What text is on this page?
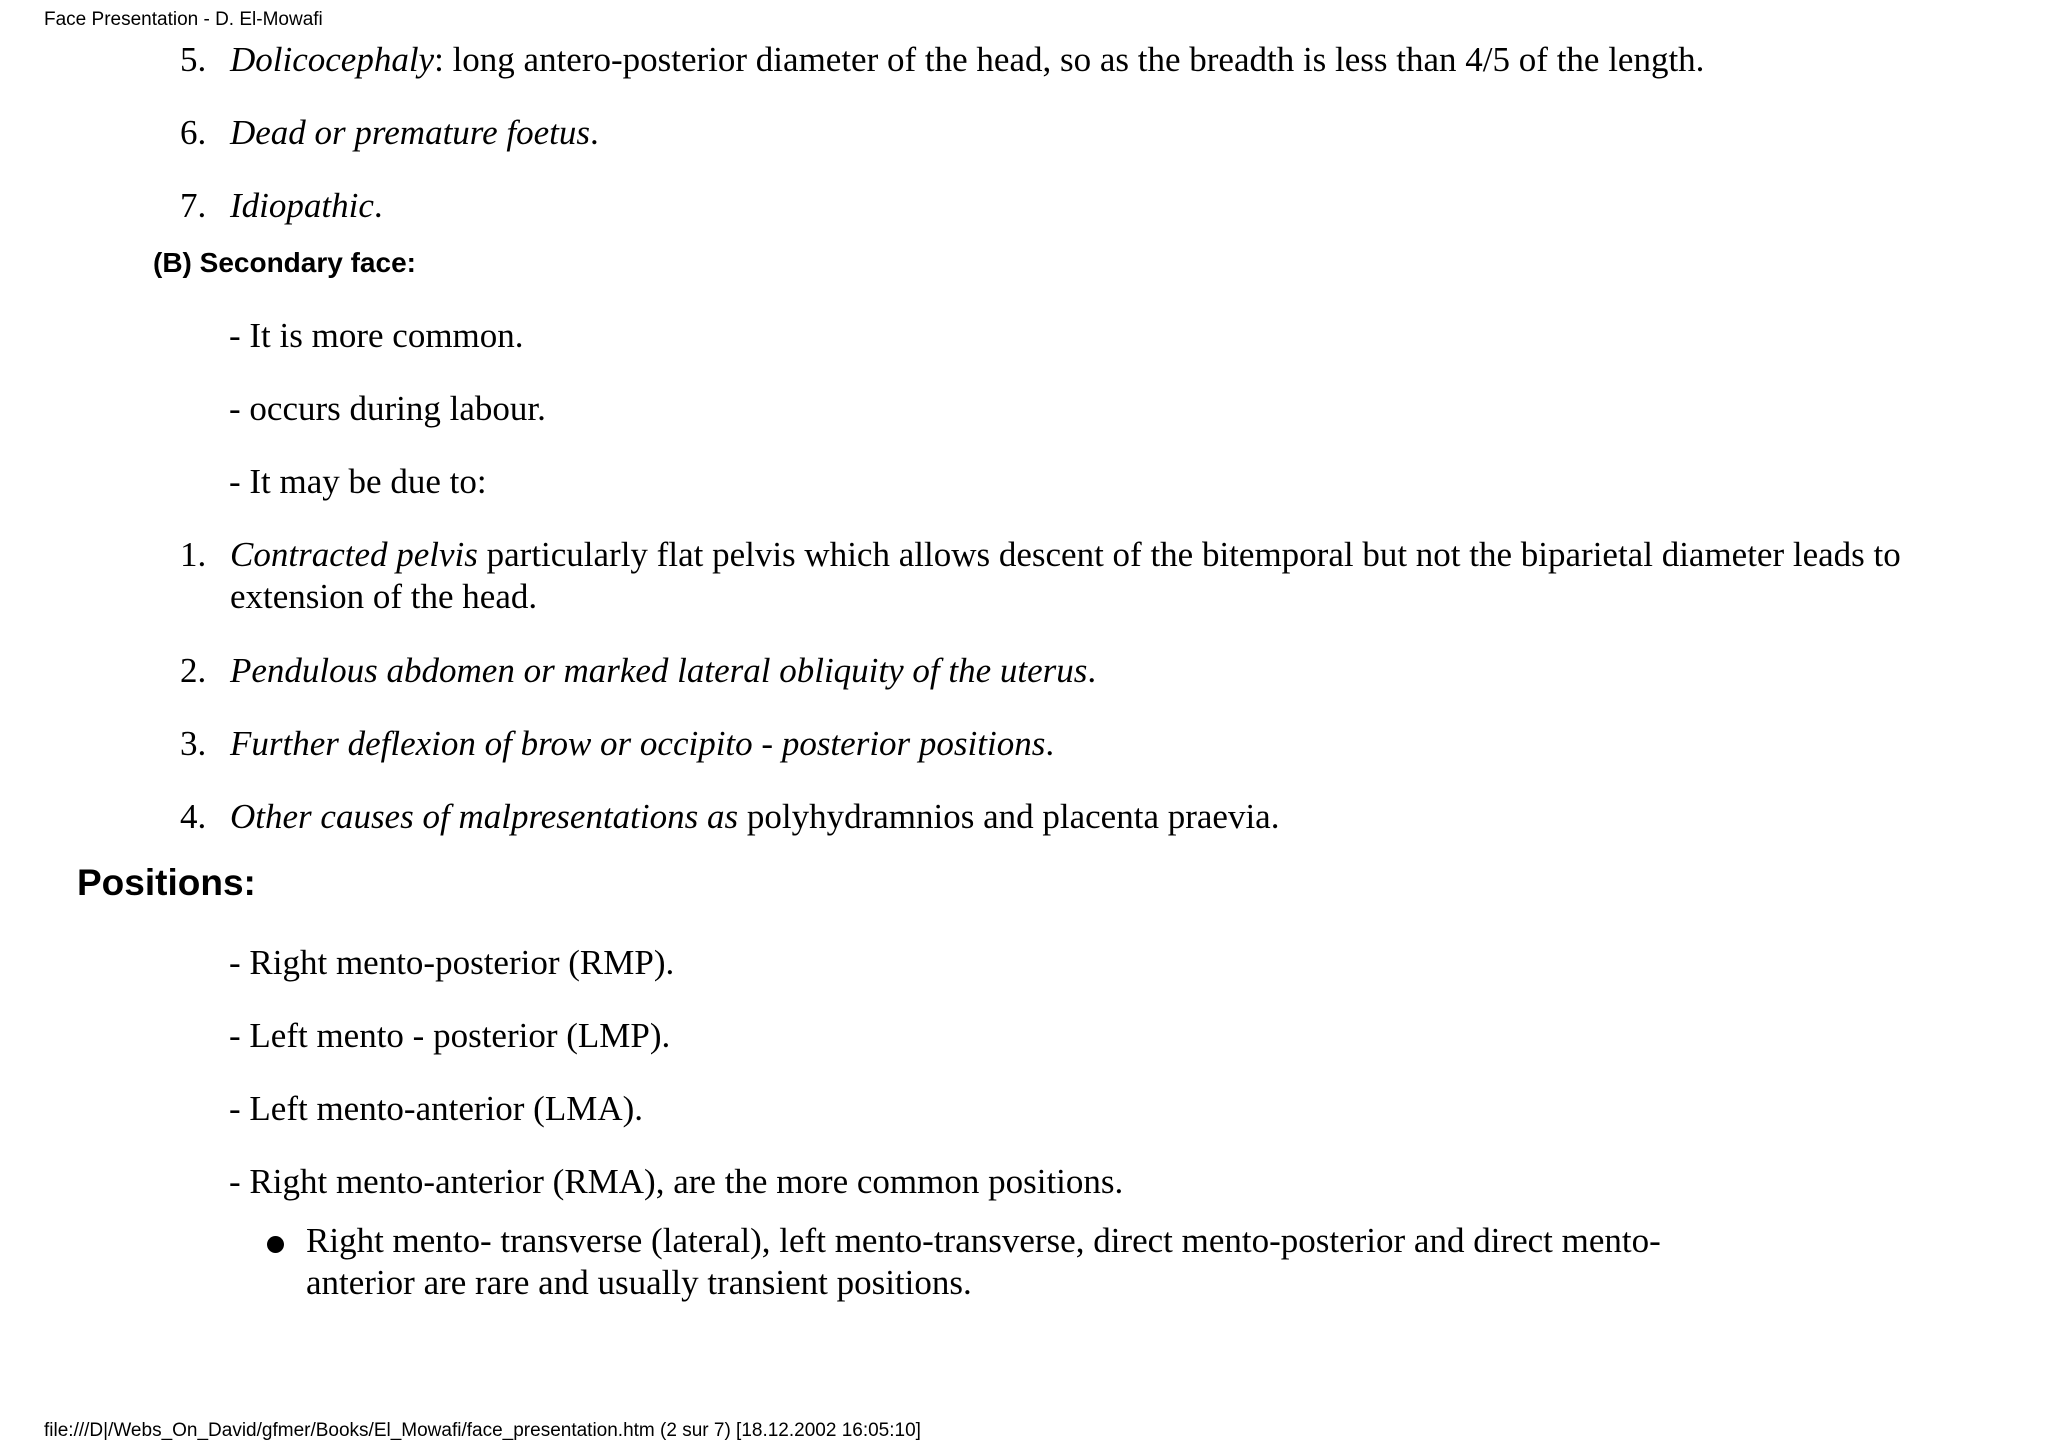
Face Presentation - D. El-Mowafi
5. Dolicocephaly: long antero-posterior diameter of the head, so as the breadth is less than 4/5 of the length.
6. Dead or premature foetus.
7. Idiopathic.
(B) Secondary face:
- It is more common.
- occurs during labour.
- It may be due to:
1. Contracted pelvis particularly flat pelvis which allows descent of the bitemporal but not the biparietal diameter leads to extension of the head.
2. Pendulous abdomen or marked lateral obliquity of the uterus.
3. Further deflexion of brow or occipito - posterior positions.
4. Other causes of malpresentations as polyhydramnios and placenta praevia.
Positions:
- Right mento-posterior (RMP).
- Left mento - posterior (LMP).
- Left mento-anterior (LMA).
- Right mento-anterior (RMA), are the more common positions.
Right mento- transverse (lateral), left mento-transverse, direct mento-posterior and direct mento-anterior are rare and usually transient positions.
file:///D|/Webs_On_David/gfmer/Books/El_Mowafi/face_presentation.htm (2 sur 7) [18.12.2002 16:05:10]
